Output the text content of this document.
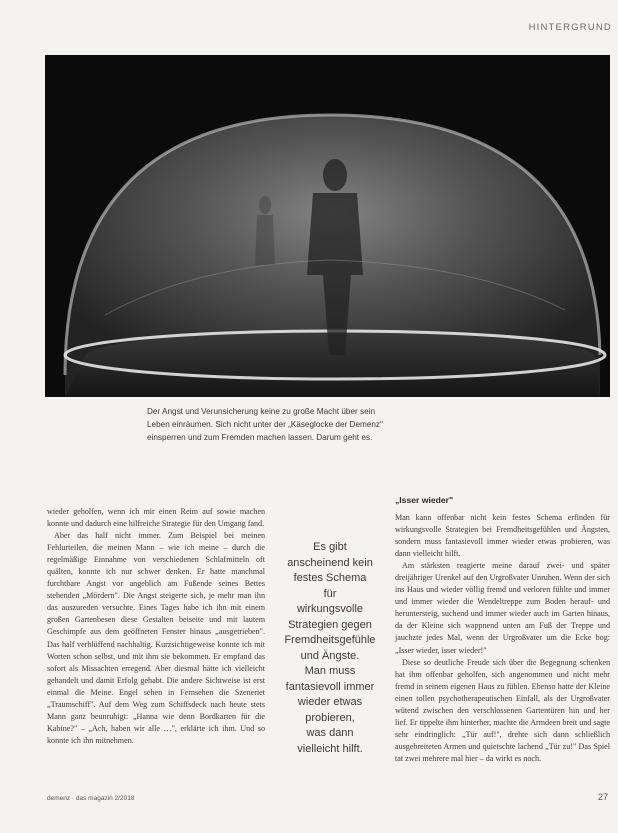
HINTERGRUND

Der Angst und Verunsicherung keine zu große Macht über sein

Leben einräumen. Sich nicht unter der „Käseglocke der Demenz"

einsperren und zum Fremden machen lassen. Darum geht es.

wieder geholfen, wenn ich mir einen Reim auf sowie machen konnte und dadurch eine hilfreiche Strategie für den Umgang fand.

Aber das half nicht immer. Zum Beispiel bei meinen Fehlurteilen, die meinen Mann – wie ich meine – durch die regelmäßige Einnahme von verschiedenen Schlafmitteln oft quälten, konnte ich nur schwer denken. Er hatte manchmal furchtbare Angst vor angeblich am Fußende seines Bettes stehenden „Mördern". Die Angst steigerte sich, je mehr man ihn das auszureden versuchte. Eines Tages habe ich ihn mit einem großen Gartenbesen diese Gestalten beiseite und mit lautem Geschimpfe aus dem geöffneten Fenster hinaus „ausgetrieben". Das half verblüffend nachhaltig. Kurzsichtigeweise konnte ich mit Worten schon selbst, und mit ihm sie bekommen. Er empfand das sofort als Missachten erregend. Aber diesmal hätte ich vielleicht gehandelt und damit Erfolg gehabt. Die andere Sichtweise ist erst einmal die Meine. Engel sehen in Fernsehen die Szeneriet „Traumschiff". Auf dem Weg zum Schiffsdeck nach heute stets Mann ganz beunruhigt: „Hanna wie denn Bordkarten für die Kabine?" – „Ach, haben wir alle …", erklärte ich ihm. Und so konnte ich ihn mitnehmen.

Es gibt

anscheinend kein

festes Schema

für

wirkungsvolle

Strategien gegen

Fremdheitsgefühle

und Ängste.

Man muss

fantasievoll immer

wieder etwas

probieren,

was dann

vielleicht hilft.

„Isser wieder"

Man kann offenbar nicht kein festes Schema erfinden für wirkungsvolle Strategien bei Fremdheitsgefühlen und Ängsten, sondern muss fantasievoll immer wieder etwas probieren, was dann vielleicht hilft.

Am stärksten reagierte meine darauf zwei- und später dreijähriger Urenkel auf den Urgroßvater Unruhen. Wenn der sich ins Haus und wieder völlig fremd und verloren fühlte und immer und immer wieder die Wendeltreppe zum Boden herauf- und heruntersteig, suchend und immer wieder auch im Garten hinaus, da der Kleine sich wappnend unten am Fuß der Treppe und jauchzte jedes Mal, wenn der Urgroßvater um die Ecke bog: „Isser wieder, isser wieder!"

Diese so deutliche Freude sich über die Begegnung schenken hat ihm offenbar geholfen, sich angenommen und nicht mehr fremd in seinem eigenen Haus zu fühlen. Ebenso hatte der Kleine einen tollen psychotherapeutischen Einfall, als der Urgroßvater wütend zwischen den verschlossenen Gartentüren hin und her lief. Er tippelte ihm hinterher, machte die Armdeen breit und sagte sehr eindringlich: „Tür auf!", drehte sich dann schließlich ausgebreiteten Armen und quietschte lachend „Tür zu!" Das Spiel tat zwei mehrere mal hier – da wirkt es noch.

demenz · das magazin 2/2018	27
